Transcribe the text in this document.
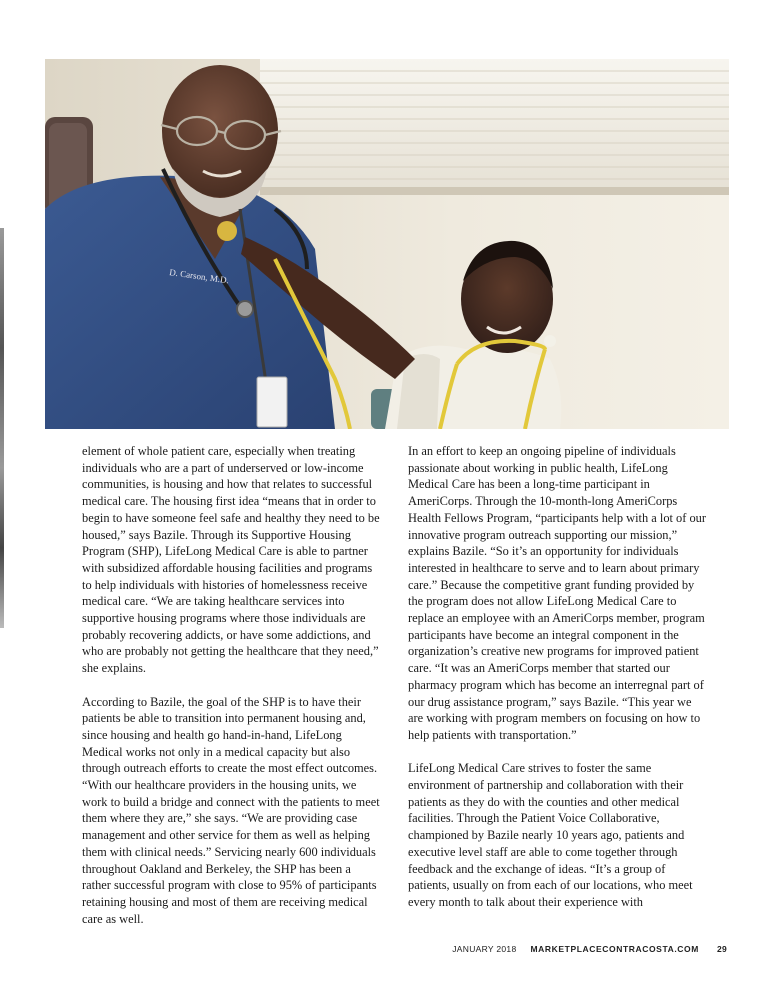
D. Carson, M.D.

element of whole patient care, especially when treating individuals who are a part of underserved or low-income communities, is housing and how that relates to successful medical care. The housing first idea “means that in order to begin to have someone feel safe and healthy they need to be housed,” says Bazile. Through its Supportive Housing Program (SHP), LifeLong Medical Care is able to partner with subsidized affordable housing facilities and programs to help individuals with histories of homelessness receive medical care. “We are taking healthcare services into supportive housing programs where those individuals are probably recovering addicts, or have some addictions, and who are probably not getting the healthcare that they need,” she explains.

According to Bazile, the goal of the SHP is to have their patients be able to transition into permanent housing and, since housing and health go hand-in-hand, LifeLong Medical works not only in a medical capacity but also through outreach efforts to create the most effect outcomes. “With our healthcare providers in the housing units, we work to build a bridge and connect with the patients to meet them where they are,” she says. “We are providing case management and other service for them as well as helping them with clinical needs.” Servicing nearly 600 individuals throughout Oakland and Berkeley, the SHP has been a rather successful program with close to 95% of participants retaining housing and most of them are receiving medical care as well.

In an effort to keep an ongoing pipeline of individuals passionate about working in public health, LifeLong Medical Care has been a long-time participant in AmeriCorps. Through the 10-month-long AmeriCorps Health Fellows Program, “participants help with a lot of our innovative program outreach supporting our mission,” explains Bazile. “So it’s an opportunity for individuals interested in healthcare to serve and to learn about primary care.” Because the competitive grant funding provided by the program does not allow LifeLong Medical Care to replace an employee with an AmeriCorps member, program participants have become an integral component in the organization’s creative new programs for improved patient care. “It was an AmeriCorps member that started our pharmacy program which has become an interregnal part of our drug assistance program,” says Bazile. “This year we are working with program members on focusing on how to help patients with transportation.”

LifeLong Medical Care strives to foster the same environment of partnership and collaboration with their patients as they do with the counties and other medical facilities. Through the Patient Voice Collaborative, championed by Bazile nearly 10 years ago, patients and executive level staff are able to come together through feedback and the exchange of ideas. “It’s a group of patients, usually on from each of our locations, who meet every month to talk about their experience with

JANUARY 2018 MARKETPLACECONTRACOSTA.COM 29
